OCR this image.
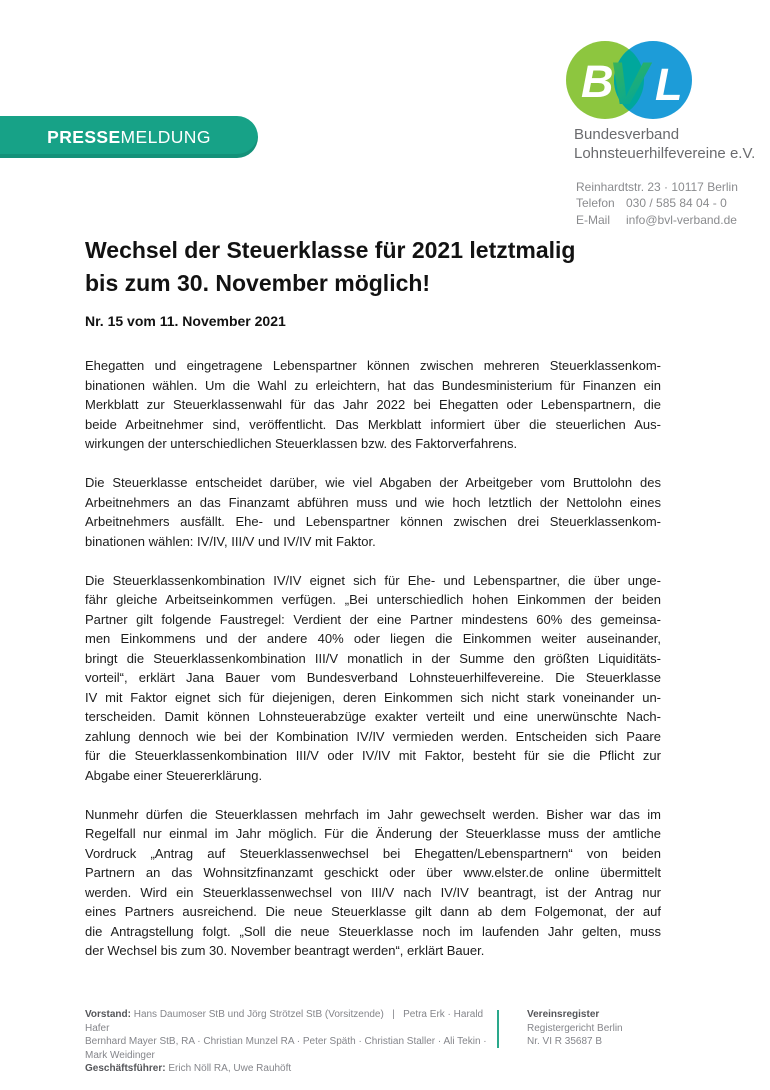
B
V L
Bundesverband
Lohnsteuerhilfevereine e.V.
Reinhardtstr. 23 · 10117 Berlin
Telefon 030 / 585 84 04 - 0
E-Mail	info@bvl-verband.de
PRESSE MELDUNG
Wechsel der Steuerklasse für 2021 letztmalig
bis zum 30. November möglich!
Nr. 15 vom 11. November 2021
Ehegatten und eingetragene Lebenspartner können zwischen mehreren Steuerklassenkom-
binationen wählen. Um die Wahl zu erleichtern, hat das Bundesministerium für Finanzen ein
Merkblatt zur Steuerklassenwahl für das Jahr 2022 bei Ehegatten oder Lebenspartnern, die
beide Arbeitnehmer sind, veröffentlicht. Das Merkblatt informiert über die steuerlichen Aus-
wirkungen der unterschiedlichen Steuerklassen bzw. des Faktorverfahrens.
Die Steuerklasse entscheidet darüber, wie viel Abgaben der Arbeitgeber vom Bruttolohn des
Arbeitnehmers an das Finanzamt abführen muss und wie hoch letztlich der Nettolohn eines
Arbeitnehmers ausfällt. Ehe- und Lebenspartner können zwischen drei Steuerklassenkom-
binationen wählen: IV/IV, III/V und IV/IV mit Faktor.
Die Steuerklassenkombination IV/IV eignet sich für Ehe- und Lebenspartner, die über unge-
fähr gleiche Arbeitseinkommen verfügen. „Bei unterschiedlich hohen Einkommen der beiden
Partner gilt folgende Faustregel: Verdient der eine Partner mindestens 60% des gemeinsa-
men Einkommens und der andere 40% oder liegen die Einkommen weiter auseinander,
bringt die Steuerklassenkombination III/V monatlich in der Summe den größten Liquiditäts-
vorteil“, erklärt Jana Bauer vom Bundesverband Lohnsteuerhilfevereine. Die Steuerklasse
IV mit Faktor eignet sich für diejenigen, deren Einkommen sich nicht stark voneinander un-
terscheiden. Damit können Lohnsteuerabzüge exakter verteilt und eine unerwünschte Nach-
zahlung dennoch wie bei der Kombination IV/IV vermieden werden. Entscheiden sich Paare
für die Steuerklassenkombination III/V oder IV/IV mit Faktor, besteht für sie die Pflicht zur
Abgabe einer Steuererklärung.
Nunmehr dürfen die Steuerklassen mehrfach im Jahr gewechselt werden. Bisher war das im
Regelfall nur einmal im Jahr möglich. Für die Änderung der Steuerklasse muss der amtliche
Vordruck „Antrag auf Steuerklassenwechsel bei Ehegatten/Lebenspartnern“ von beiden
Partnern an das Wohnsitzfinanzamt geschickt oder über www.elster.de online übermittelt
werden. Wird ein Steuerklassenwechsel von III/V nach IV/IV beantragt, ist der Antrag nur
eines Partners ausreichend. Die neue Steuerklasse gilt dann ab dem Folgemonat, der auf
die Antragstellung folgt. „Soll die neue Steuerklasse noch im laufenden Jahr gelten, muss
der Wechsel bis zum 30. November beantragt werden“, erklärt Bauer.
Vorstand: Hans Daumoser StB und Jörg Strötzel StB (Vorsitzende)   |   Petra Erk · Harald Hafer
Bernhard Mayer StB, RA · Christian Munzel RA · Peter Späth · Christian Staller · Ali Tekin · Mark Weidinger
Geschäftsführer: Erich Nöll RA, Uwe Rauhöft
Vereinsregister
Registergericht Berlin
Nr. VI R 35687 B
